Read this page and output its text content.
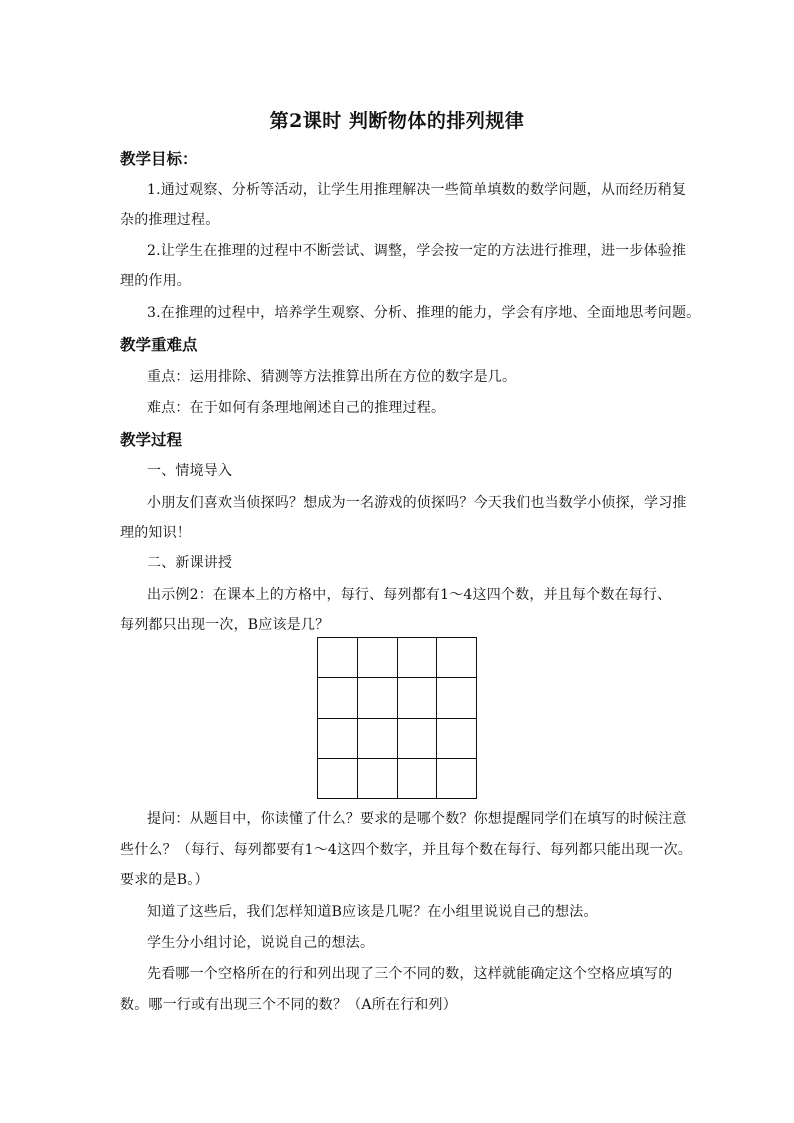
第2课时 判断物体的排列规律
教学目标：
1.通过观察、分析等活动，让学生用推理解决一些简单填数的数学问题，从而经历稍复
杂的推理过程。
2.让学生在推理的过程中不断尝试、调整，学会按一定的方法进行推理，进一步体验推
理的作用。
3.在推理的过程中，培养学生观察、分析、推理的能力，学会有序地、全面地思考问题。
教学重难点
重点：运用排除、猜测等方法推算出所在方位的数字是几。
难点：在于如何有条理地阐述自己的推理过程。
教学过程
一、情境导入
小朋友们喜欢当侦探吗？想成为一名游戏的侦探吗？今天我们也当数学小侦探，学习推
理的知识！
二、新课讲授
出示例2：在课本上的方格中，每行、每列都有1～4这四个数，并且每个数在每行、
每列都只出现一次，B应该是几？
提问：从题目中，你读懂了什么？要求的是哪个数？你想提醒同学们在填写的时候注意
些什么？（每行、每列都要有1～4这四个数字，并且每个数在每行、每列都只能出现一次。
要求的是B。）
知道了这些后，我们怎样知道B应该是几呢？在小组里说说自己的想法。
学生分小组讨论，说说自己的想法。
先看哪一个空格所在的行和列出现了三个不同的数，这样就能确定这个空格应填写的
数。哪一行或有出现三个不同的数？（A所在行和列）
